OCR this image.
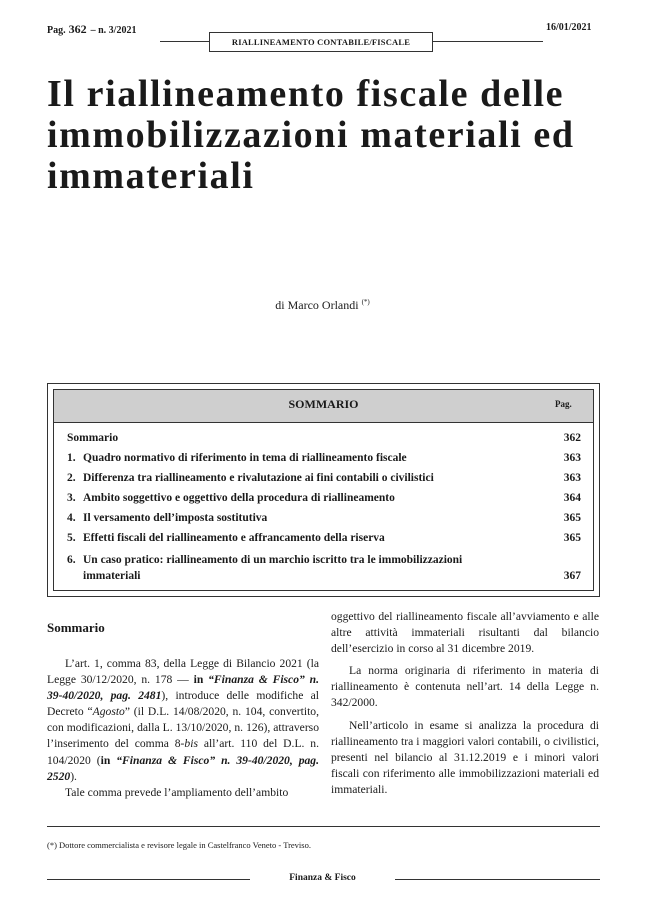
Pag. 362 – n. 3/2021
RIALLINEAMENTO CONTABILE/FISCALE
16/01/2021
Il riallineamento fiscale delle immobilizzazioni materiali ed immateriali
di Marco Orlandi (*)
SOMMARIO	Pag.
Sommario	362
1. Quadro normativo di riferimento in tema di riallineamento fiscale	363
2. Differenza tra riallineamento e rivalutazione ai fini contabili o civilistici	363
3. Ambito soggettivo e oggettivo della procedura di riallineamento	364
4. Il versamento dell’imposta sostitutiva	365
5. Effetti fiscali del riallineamento e affrancamento della riserva	365
6. Un caso pratico: riallineamento di un marchio iscritto tra le immobilizzazioni
immateriali	367
Sommario

L’art. 1, comma 83, della Legge di Bilancio 2021 (la Legge 30/12/2020, n. 178 — in “Finanza & Fisco” n. 39-40/2020, pag. 2481), introduce delle modifiche al Decreto “Agosto” (il D.L. 14/08/2020, n. 104, convertito, con modificazioni, dalla L. 13/10/2020, n. 126), attraverso l’inserimento del comma 8-bis all’art. 110 del D.L. n. 104/2020 (in “Finanza & Fisco” n. 39-40/2020, pag. 2520).

Tale comma prevede l’ampliamento dell’ambito

oggettivo del riallineamento fiscale all’avviamento e alle altre attività immateriali risultanti dal bilancio dell’esercizio in corso al 31 dicembre 2019.

La norma originaria di riferimento in materia di riallineamento è contenuta nell’art. 14 della Legge n. 342/2000.

Nell’articolo in esame si analizza la procedura di riallineamento tra i maggiori valori contabili, o civilistici, presenti nel bilancio al 31.12.2019 e i minori valori fiscali con riferimento alle immobilizzazioni materiali ed immateriali.

(*) Dottore commercialista e revisore legale in Castelfranco Veneto - Treviso.
Finanza & Fisco
